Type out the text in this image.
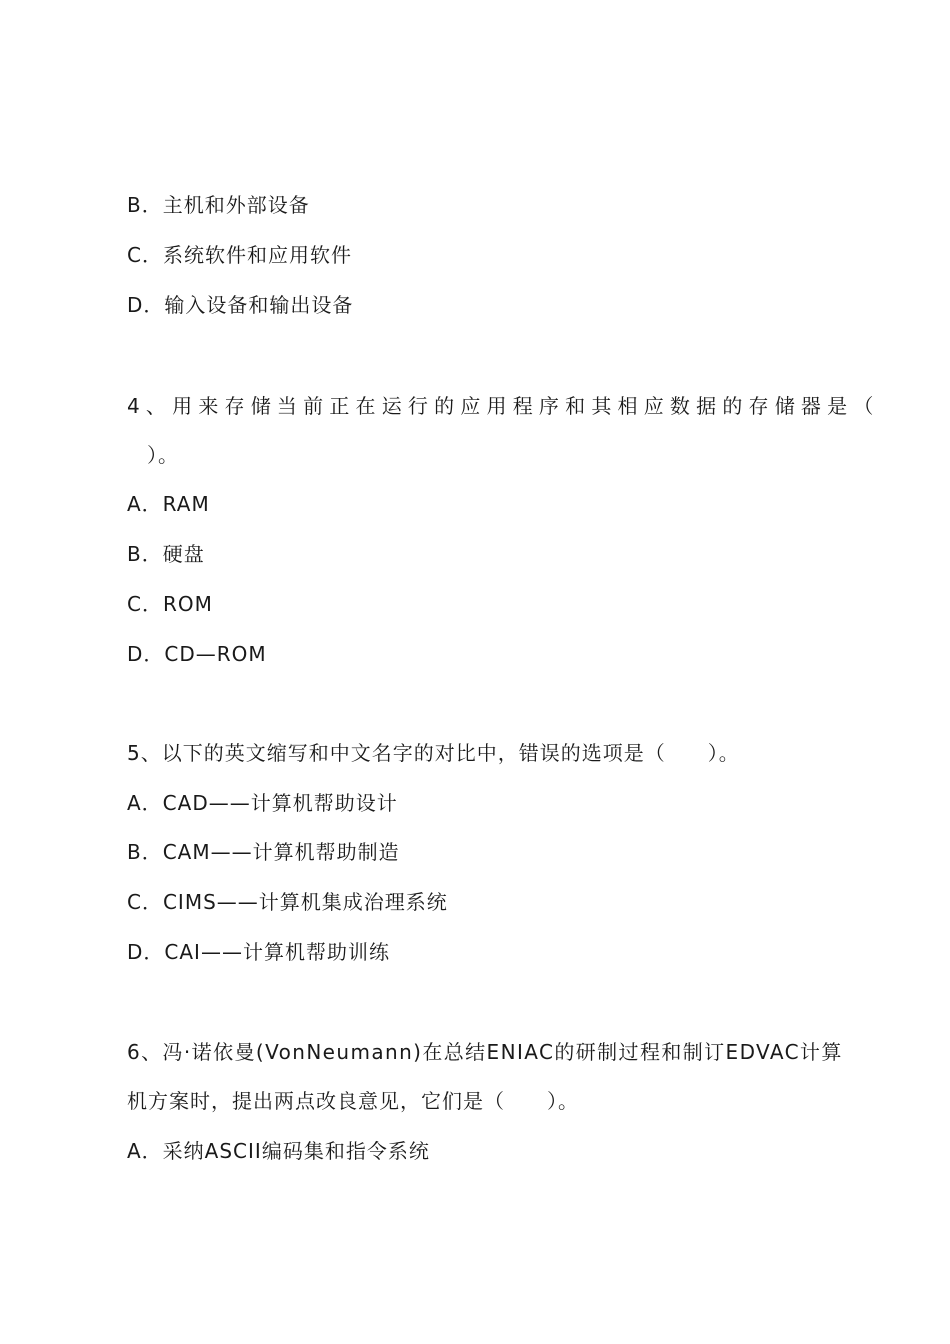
B．主机和外部设备
C．系统软件和应用软件
D．输入设备和输出设备
4、用来存储当前正在运行的应用程序和其相应数据的存储器是（
）。
A．RAM
B．硬盘
C．ROM
D．CD—ROM
5、以下的英文缩写和中文名字的对比中，错误的选项是（　　）。
A．CAD——计算机帮助设计
B．CAM——计算机帮助制造
C．CIMS——计算机集成治理系统
D．CAI——计算机帮助训练
6、冯·诺依曼(VonNeumann)在总结ENIAC的研制过程和制订EDVAC计算
机方案时，提出两点改良意见，它们是（　　）。
A．采纳ASCII编码集和指令系统
